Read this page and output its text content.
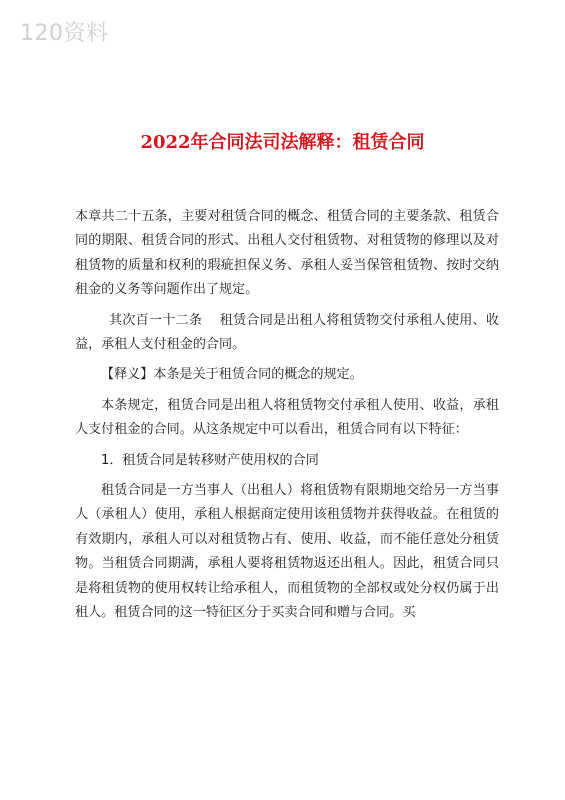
120资料
2022年合同法司法解释：租赁合同

本章共二十五条，主要对租赁合同的概念、租赁合同的主要条款、租赁合同的期限、租赁合同的形式、出租人交付租赁物、对租赁物的修理以及对租赁物的质量和权利的瑕疵担保义务、承租人妥当保管租赁物、按时交纳租金的义务等问题作出了规定。

其次百一十二条　 租赁合同是出租人将租赁物交付承租人使用、收益，承租人支付租金的合同。

【释义】本条是关于租赁合同的概念的规定。

本条规定，租赁合同是出租人将租赁物交付承租人使用、收益，承租人支付租金的合同。从这条规定中可以看出，租赁合同有以下特征：

1．租赁合同是转移财产使用权的合同

租赁合同是一方当事人（出租人）将租赁物有限期地交给另一方当事人（承租人）使用，承租人根据商定使用该租赁物并获得收益。在租赁的有效期内，承租人可以对租赁物占有、使用、收益，而不能任意处分租赁物。当租赁合同期满，承租人要将租赁物返还出租人。因此，租赁合同只是将租赁物的使用权转让给承租人，而租赁物的全部权或处分权仍属于出租人。租赁合同的这一特征区分于买卖合同和赠与合同。买
